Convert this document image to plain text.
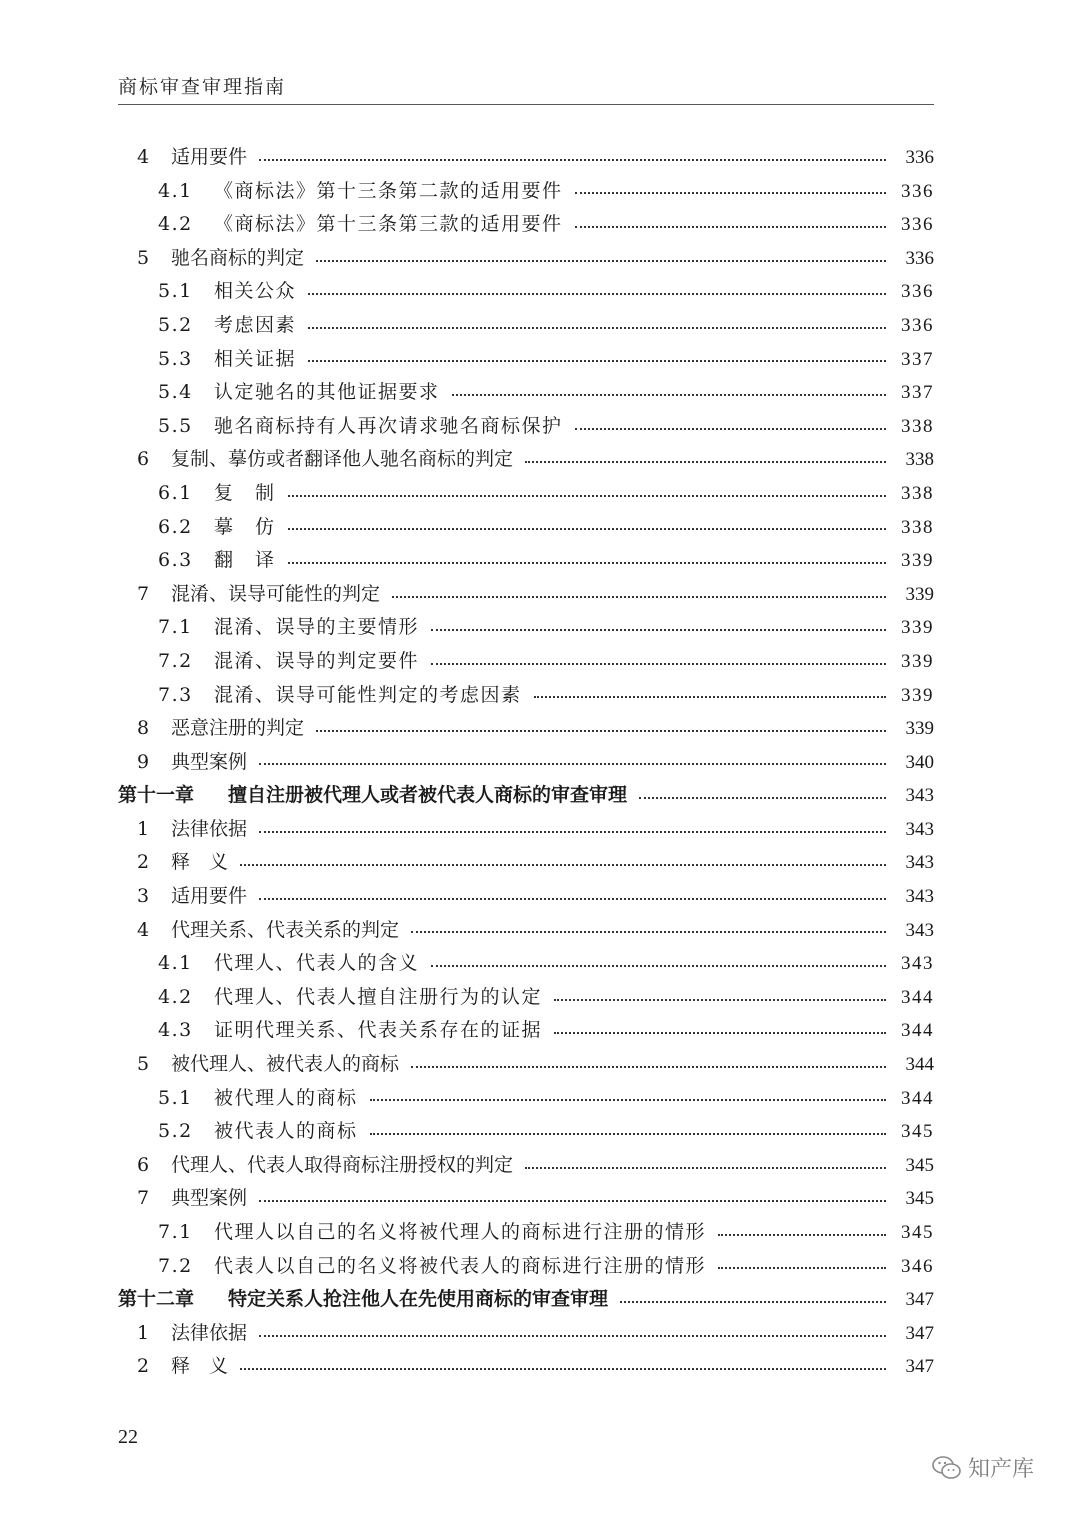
商标审查审理指南
4	适用要件	336
4.1	《商标法》第十三条第二款的适用要件	336
4.2	《商标法》第十三条第三款的适用要件	336
5	驰名商标的判定	336
5.1	相关公众	336
5.2	考虑因素	336
5.3	相关证据	337
5.4	认定驰名的其他证据要求	337
5.5	驰名商标持有人再次请求驰名商标保护	338
6	复制、摹仿或者翻译他人驰名商标的判定	338
6.1	复　制	338
6.2	摹　仿	338
6.3	翻　译	339
7	混淆、误导可能性的判定	339
7.1	混淆、误导的主要情形	339
7.2	混淆、误导的判定要件	339
7.3	混淆、误导可能性判定的考虑因素	339
8	恶意注册的判定	339
9	典型案例	340
第十一章	擅自注册被代理人或者被代表人商标的审查审理	343
1	法律依据	343
2	释　义	343
3	适用要件	343
4	代理关系、代表关系的判定	343
4.1	代理人、代表人的含义	343
4.2	代理人、代表人擅自注册行为的认定	344
4.3	证明代理关系、代表关系存在的证据	344
5	被代理人、被代表人的商标	344
5.1	被代理人的商标	344
5.2	被代表人的商标	345
6	代理人、代表人取得商标注册授权的判定	345
7	典型案例	345
7.1	代理人以自己的名义将被代理人的商标进行注册的情形	345
7.2	代表人以自己的名义将被代表人的商标进行注册的情形	346
第十二章	特定关系人抢注他人在先使用商标的审查审理	347
1	法律依据	347
2	释　义	347
22
知产库
